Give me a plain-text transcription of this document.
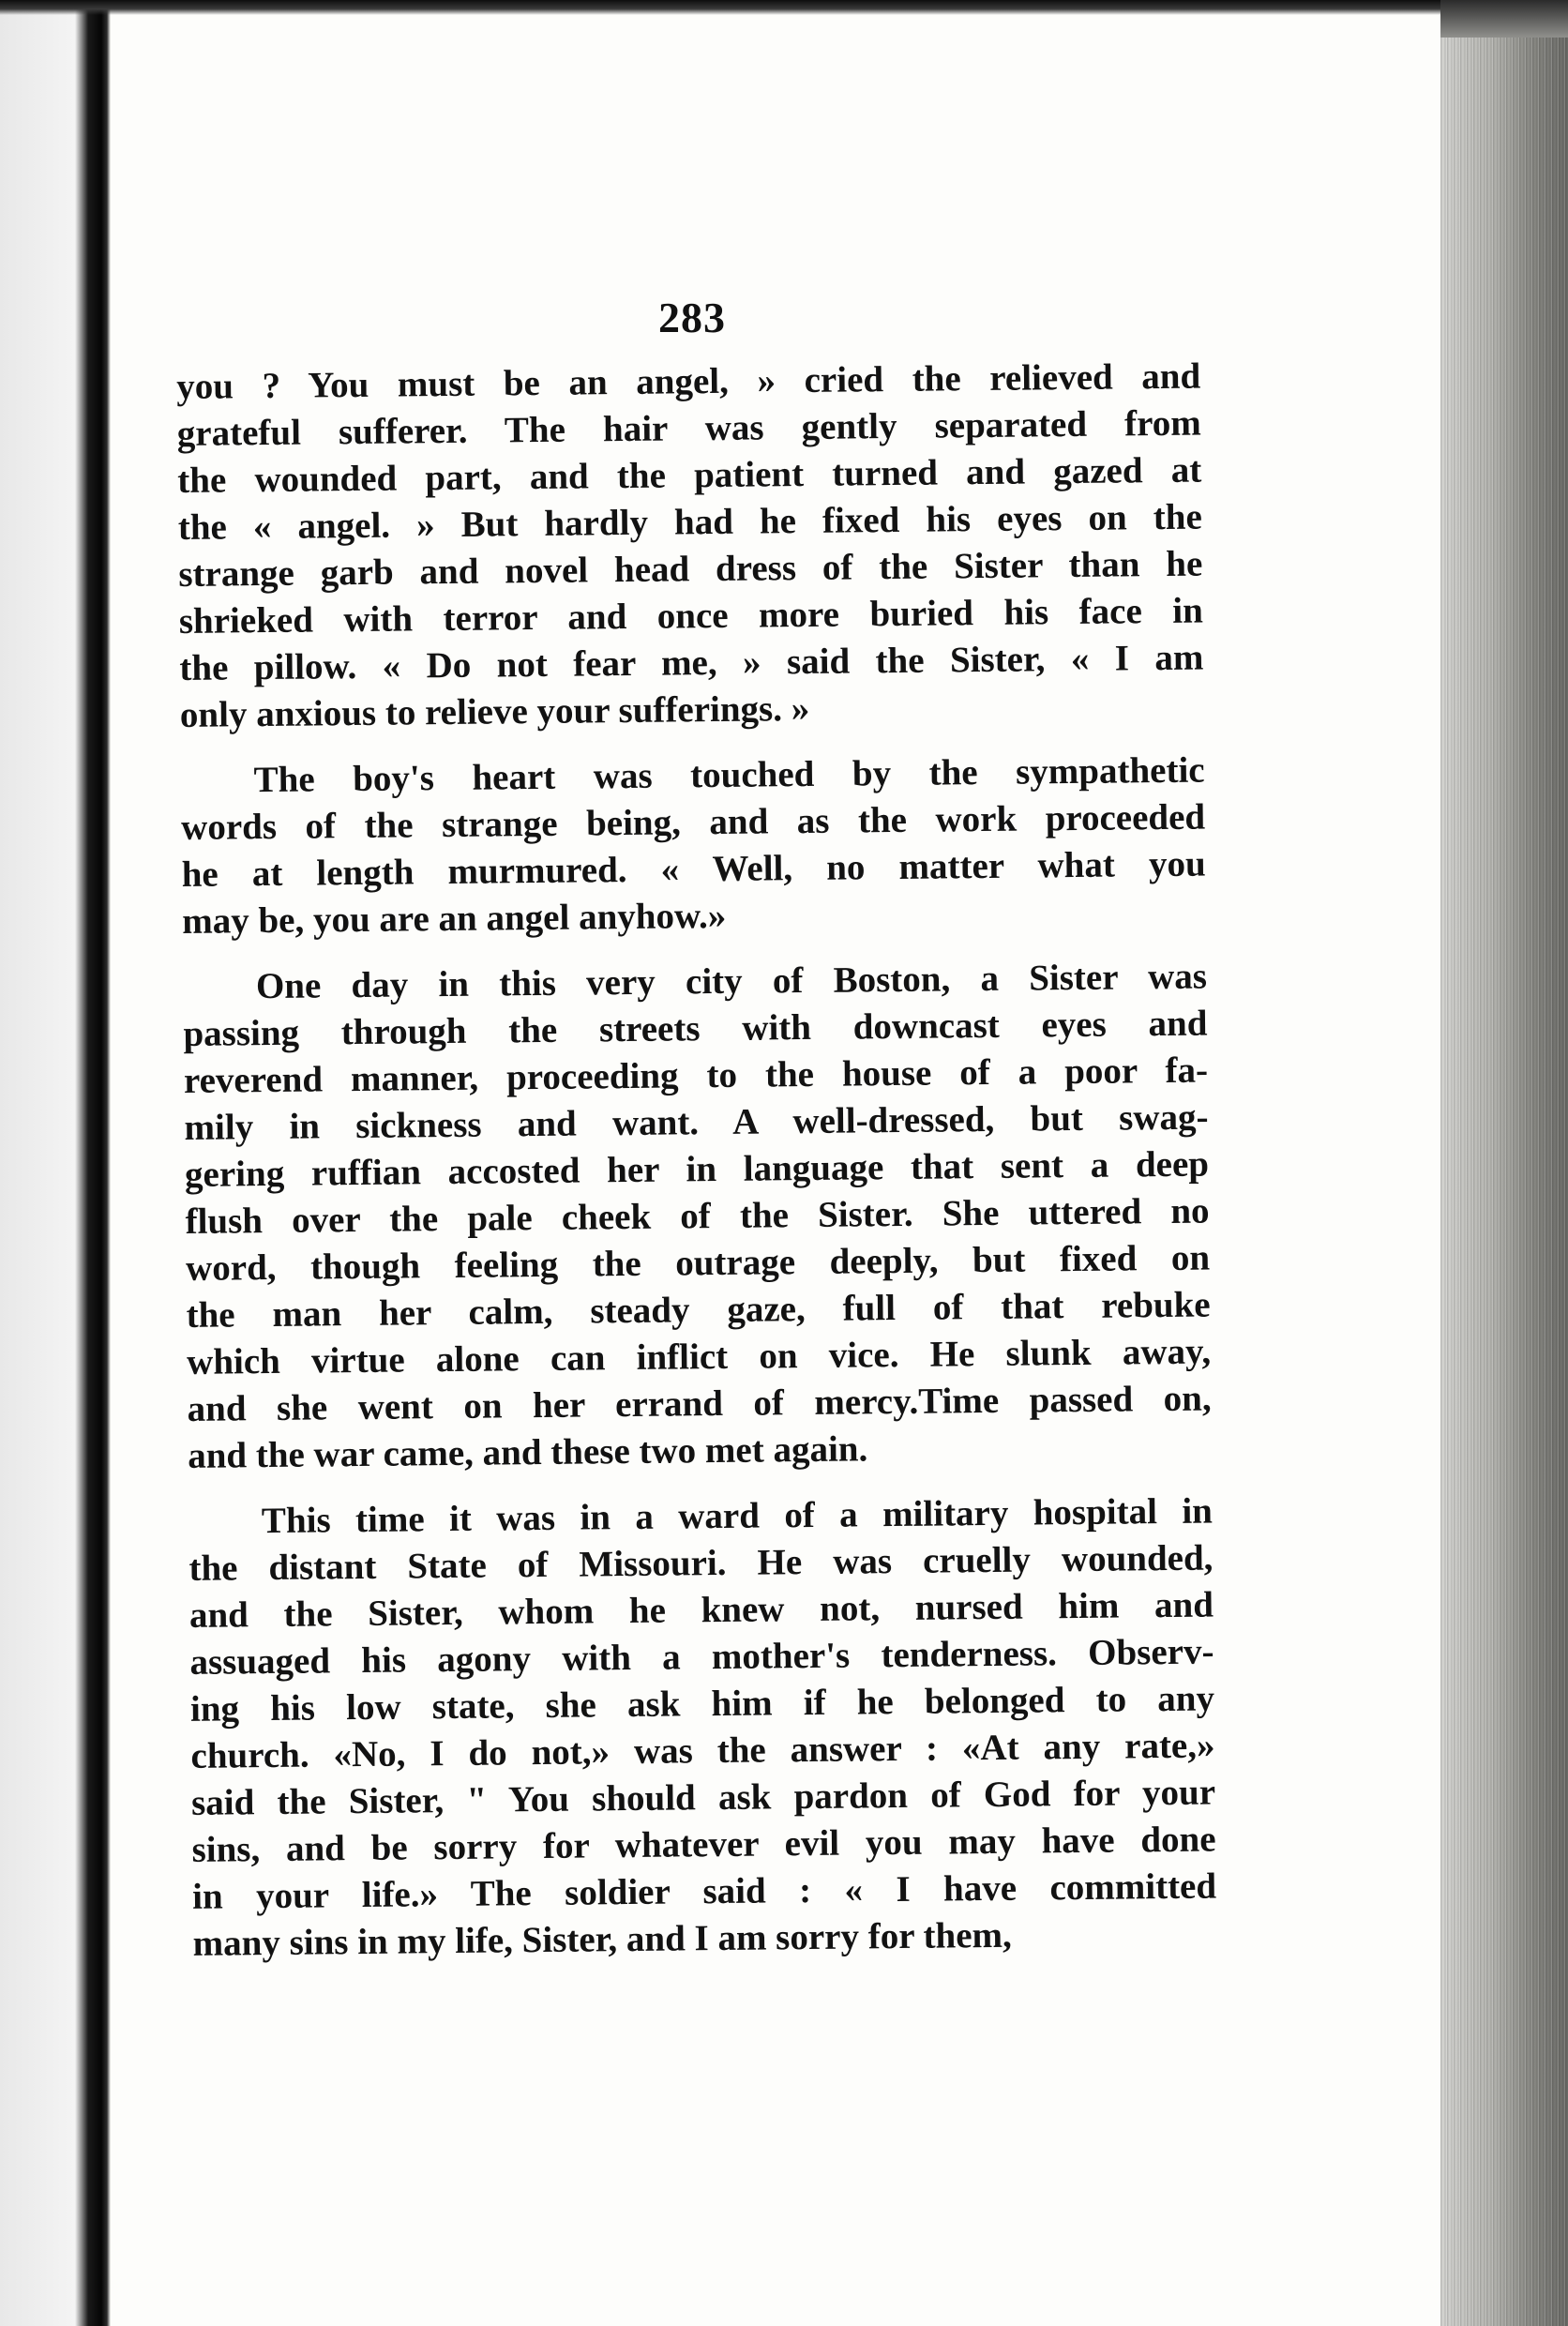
283

you ? You must be an angel, » cried the relieved and
grateful sufferer. The hair was gently separated from
the wounded part, and the patient turned and gazed at
the « angel. » But hardly had he fixed his eyes on the
strange garb and novel head dress of the Sister than he
shrieked with terror and once more buried his face in
the pillow. « Do not fear me, » said the Sister, « I am
only anxious to relieve your sufferings. »

The boy's heart was touched by the sympathetic
words of the strange being, and as the work proceeded
he at length murmured. « Well, no matter what you
may be, you are an angel anyhow.»

One day in this very city of Boston, a Sister was
passing through the streets with downcast eyes and
reverend manner, proceeding to the house of a poor fa-
mily in sickness and want. A well-dressed, but swag-
gering ruffian accosted her in language that sent a deep
flush over the pale cheek of the Sister. She uttered no
word, though feeling the outrage deeply, but fixed on
the man her calm, steady gaze, full of that rebuke
which virtue alone can inflict on vice. He slunk away,
and she went on her errand of mercy.Time passed on,
and the war came, and these two met again.

This time it was in a ward of a military hospital in
the distant State of Missouri. He was cruelly wounded,
and the Sister, whom he knew not, nursed him and
assuaged his agony with a mother's tenderness. Observ-
ing his low state, she ask him if he belonged to any
church. «No, I do not,» was the answer : «At any rate,»
said the Sister, " You should ask pardon of God for your
sins, and be sorry for whatever evil you may have done
in your life.» The soldier said : « I have committed
many sins in my life, Sister, and I am sorry for them,
